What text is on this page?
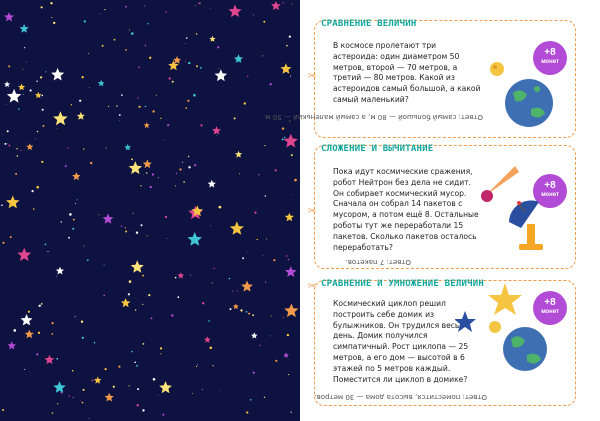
СРАВНЕНИЕ ВЕЛИЧИН
В космосе пролетают три астероида: один диаметром 50 метров, второй — 70 метров, а третий — 80 метров. Какой из астероидов самый большой, а какой самый маленький?
Ответ: самый большой — 80 м, а самый маленький — 50 м.
+8
монет
✂
СЛОЖЕНИЕ И ВЫЧИТАНИЕ
Пока идут космические сражения, робот Нейтрон без дела не сидит. Он собирает космический мусор. Сначала он собрал 14 пакетов с мусором, а потом ещё 8. Остальные роботы тут же переработали 15 пакетов. Сколько пакетов осталось переработать?
Ответ: 7 пакетов.
+8
монет
✂
СРАВНЕНИЕ И УМНОЖЕНИЕ ВЕЛИЧИН
Космический циклоп решил построить себе домик из булыжников. Он трудился весь день. Домик получился симпатичный. Рост циклопа — 25 метров, а его дом — высотой в 6 этажей по 5 метров каждый. Поместится ли циклоп в домике?
Ответ: поместится, высота дома — 30 метров.
+8
монет
✂
